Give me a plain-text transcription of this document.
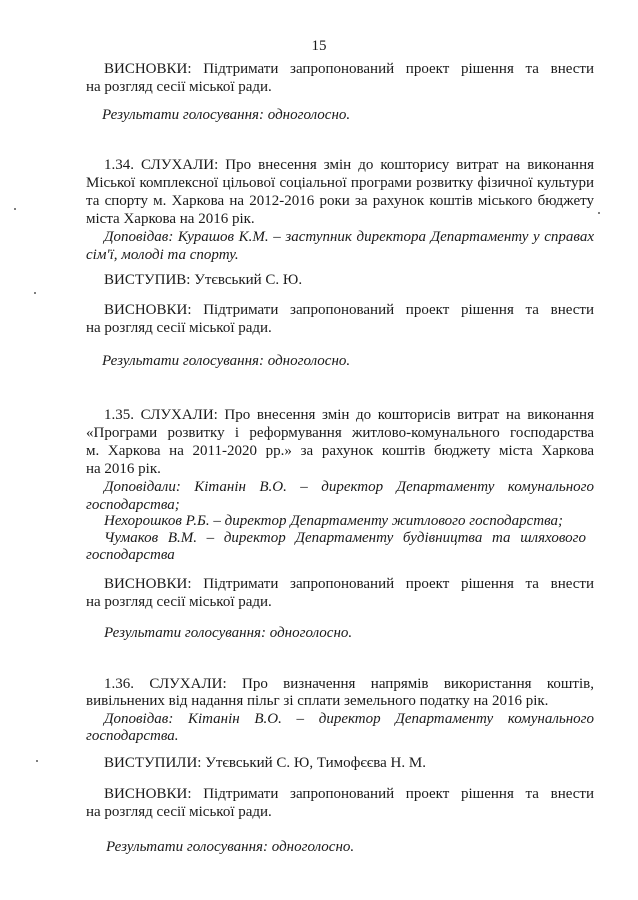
15
ВИСНОВКИ: Підтримати запропонований проект рішення та внести
на розгляд сесії міської ради.
Результати голосування: одноголосно.
1.34. СЛУХАЛИ: Про внесення змін до кошторису витрат на виконання
Міської комплексної цільової соціальної програми розвитку фізичної культури
та спорту м. Харкова на 2012-2016 роки за рахунок коштів міського бюджету
міста Харкова на 2016 рік.
Доповідав: Курашов К.М. – заступник директора Департаменту у справах
сім'ї, молоді та спорту.
ВИСТУПИВ: Утєвський С. Ю.
ВИСНОВКИ: Підтримати запропонований проект рішення та внести
на розгляд сесії міської ради.
Результати голосування: одноголосно.
1.35. СЛУХАЛИ: Про внесення змін до кошторисів витрат на виконання
«Програми розвитку і реформування житлово-комунального господарства
м. Харкова на 2011-2020 рр.» за рахунок коштів бюджету міста Харкова
на 2016 рік.
Доповідали: Кітанін В.О. – директор Департаменту комунального
господарства;
Нехорошков Р.Б. – директор Департаменту житлового господарства;
Чумаков В.М. – директор Департаменту будівництва та шляхового
господарства
ВИСНОВКИ: Підтримати запропонований проект рішення та внести
на розгляд сесії міської ради.
Результати голосування: одноголосно.
1.36. СЛУХАЛИ: Про визначення напрямів використання коштів,
вивільнених від надання пільг зі сплати земельного податку на 2016 рік.
Доповідав: Кітанін В.О. – директор Департаменту комунального
господарства.
ВИСТУПИЛИ: Утєвський С. Ю, Тимофєєва Н. М.
ВИСНОВКИ: Підтримати запропонований проект рішення та внести
на розгляд сесії міської ради.
Результати голосування: одноголосно.
